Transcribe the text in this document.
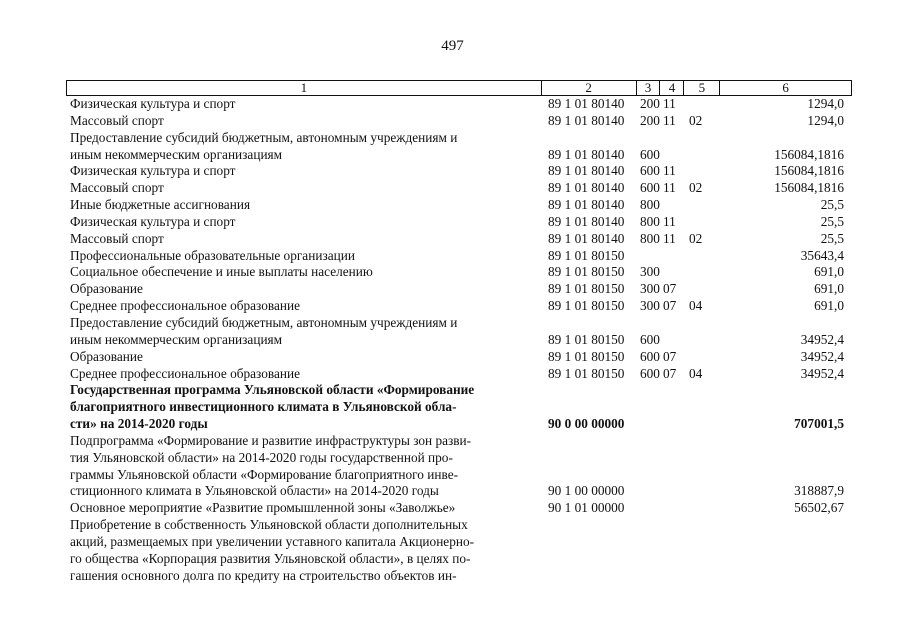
497
1	2	3	4	5	6
Физическая культура и спорт	89 1 01 80140	200 11	1294,0
Массовый спорт	89 1 01 80140	200 11 02	1294,0
Предоставление субсидий бюджетным, автономным учреждениям и
иным некоммерческим организациям	89 1 01 80140	600	156084,1816
Физическая культура и спорт	89 1 01 80140	600 11	156084,1816
Массовый спорт	89 1 01 80140	600 11 02	156084,1816
Иные бюджетные ассигнования	89 1 01 80140	800	25,5
Физическая культура и спорт	89 1 01 80140	800 11	25,5
Массовый спорт	89 1 01 80140	800 11 02	25,5
Профессиональные образовательные организации	89 1 01 80150	35643,4
Социальное обеспечение и иные выплаты населению	89 1 01 80150	300	691,0
Образование	89 1 01 80150	300 07	691,0
Среднее профессиональное образование	89 1 01 80150	300 07 04	691,0
Предоставление субсидий бюджетным, автономным учреждениям и
иным некоммерческим организациям	89 1 01 80150	600	34952,4
Образование	89 1 01 80150	600 07	34952,4
Среднее профессиональное образование	89 1 01 80150	600 07 04	34952,4
Государственная программа Ульяновской области «Формирование
благоприятного инвестиционного климата в Ульяновской обла-
сти» на 2014-2020 годы	90 0 00 00000	707001,5
Подпрограмма «Формирование и развитие инфраструктуры зон разви-
тия Ульяновской области» на 2014-2020 годы государственной про-
граммы Ульяновской области «Формирование благоприятного инве-
стиционного климата в Ульяновской области» на 2014-2020 годы	90 1 00 00000	318887,9
Основное мероприятие «Развитие промышленной зоны «Заволжье»	90 1 01 00000	56502,67
Приобретение в собственность Ульяновской области дополнительных
акций, размещаемых при увеличении уставного капитала Акционерно-
го общества «Корпорация развития Ульяновской области», в целях по-
гашения основного долга по кредиту на строительство объектов ин-
